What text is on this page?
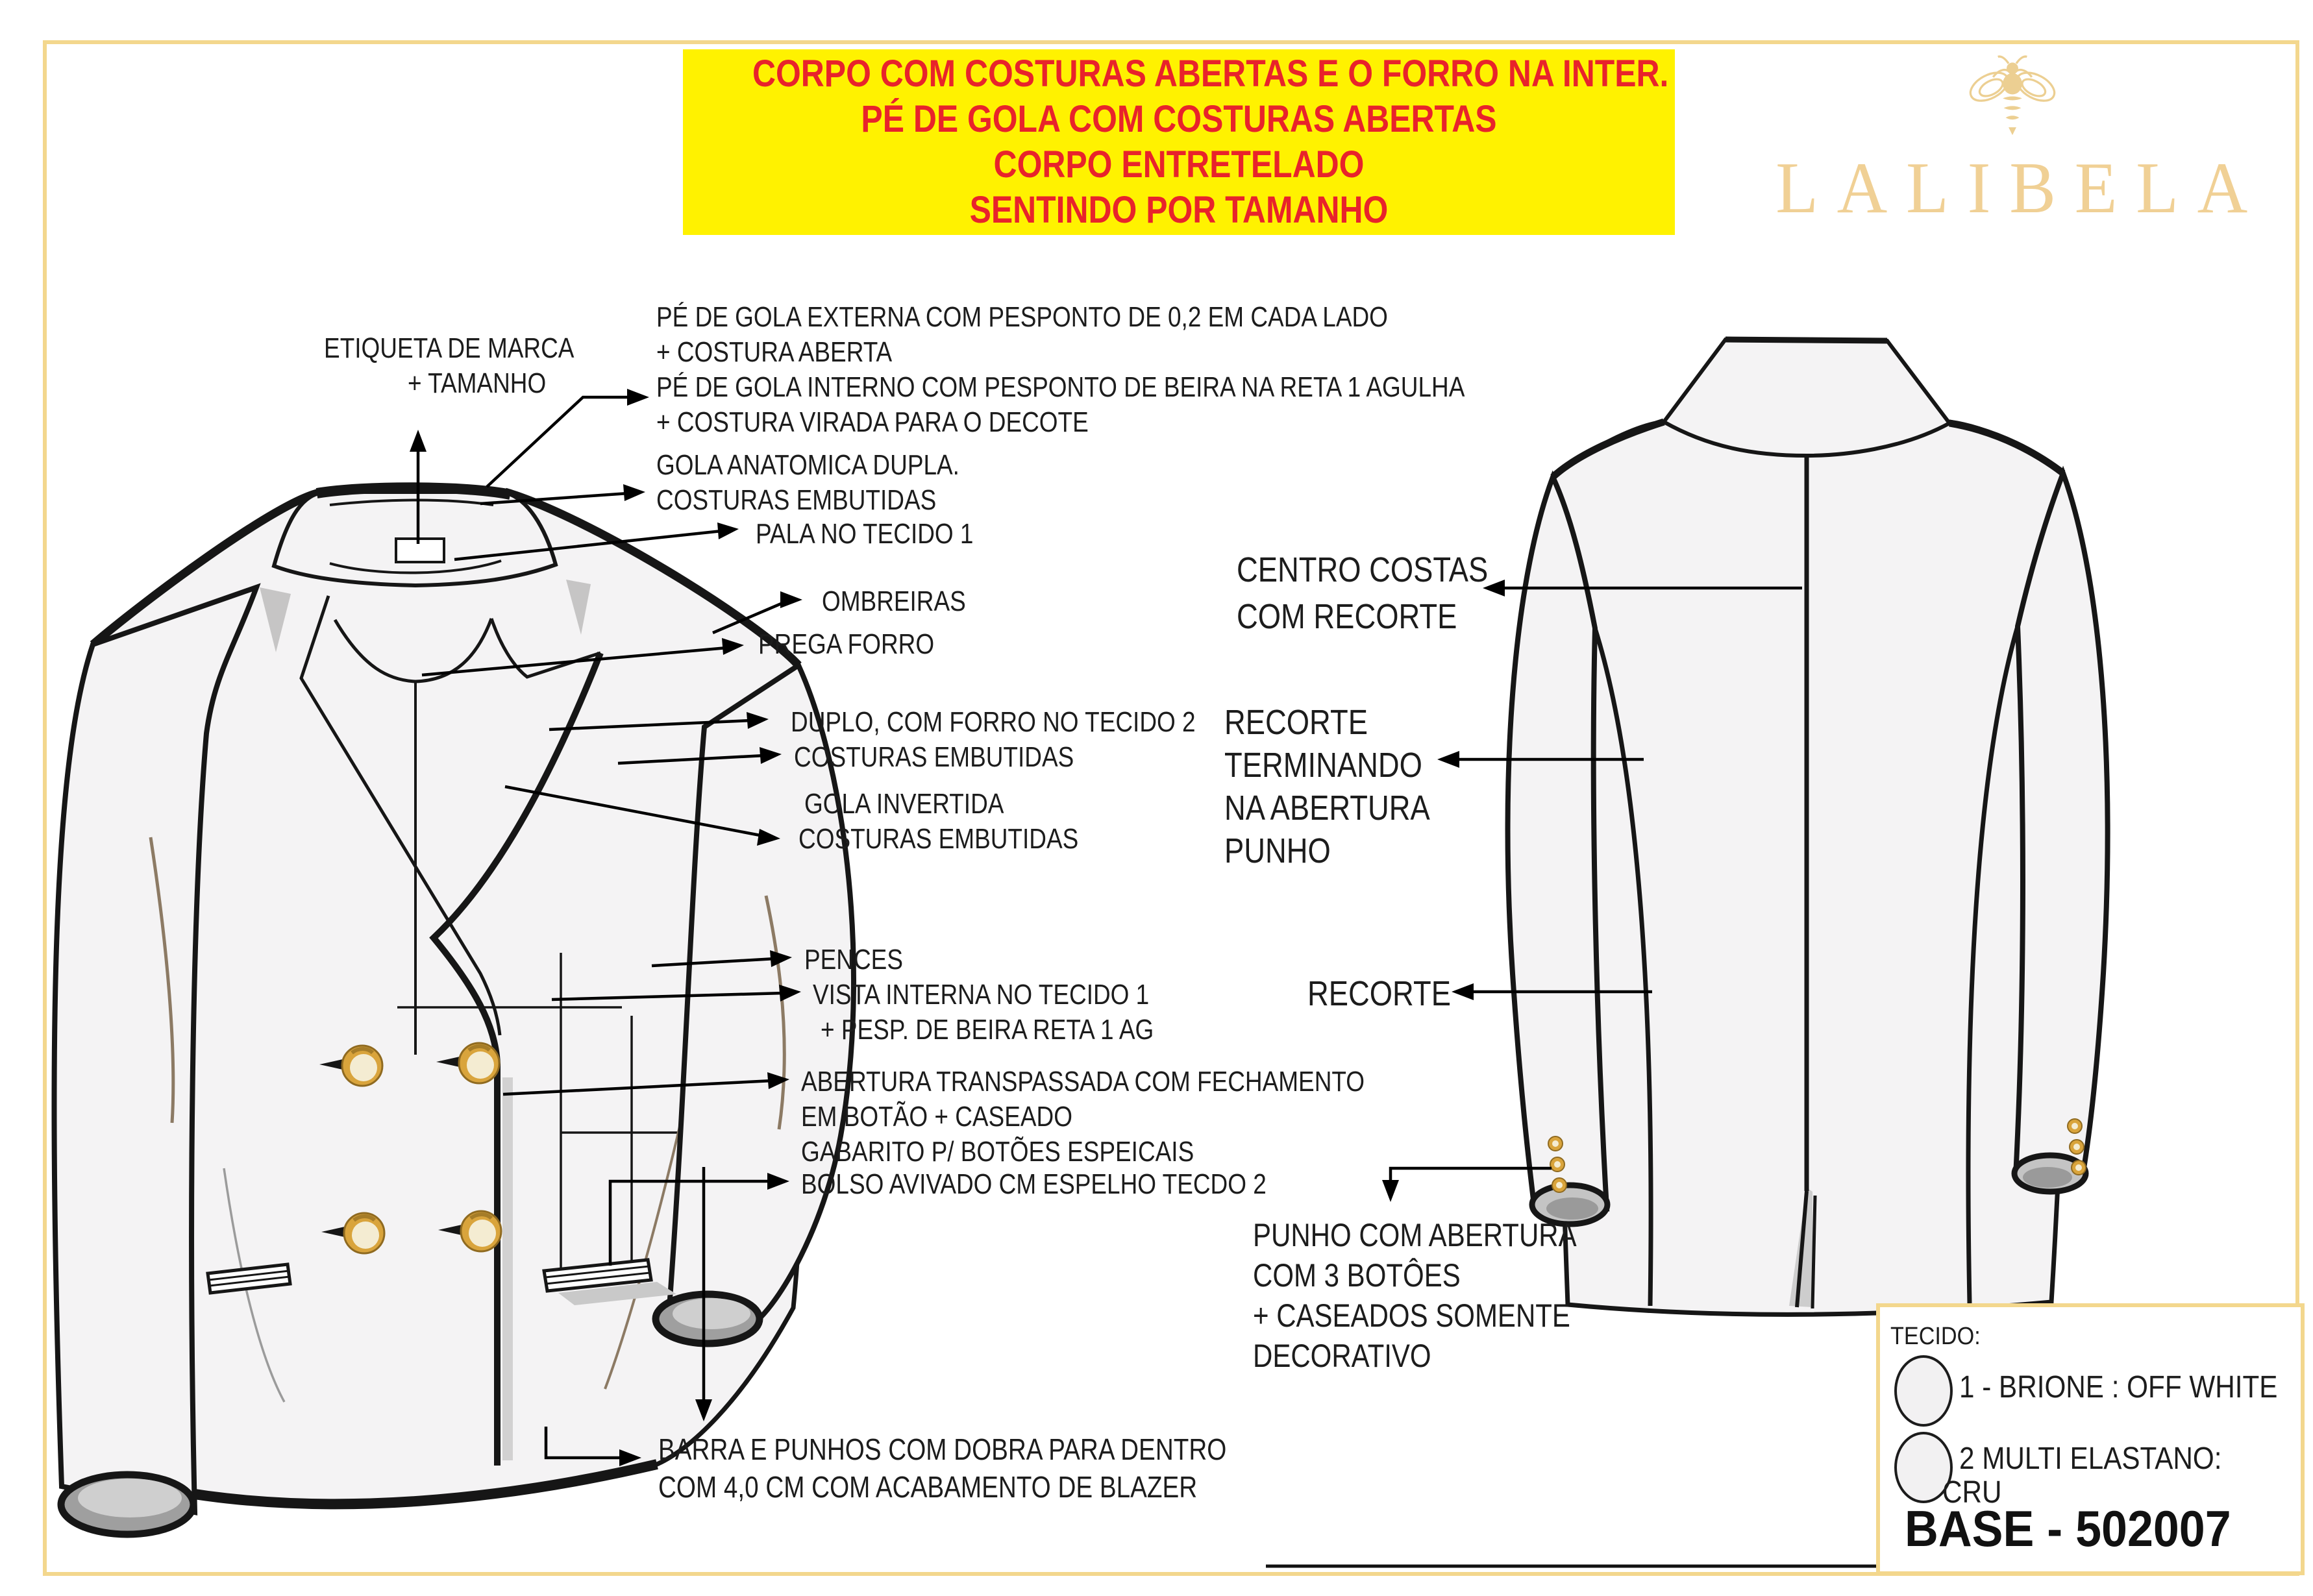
CORPO COM COSTURAS ABERTAS E O FORRO NA INTER.
PÉ DE GOLA COM COSTURAS ABERTAS
CORPO ENTRETELADO
SENTINDO POR TAMANHO	LALIBELA
ETIQUETA DE MARCA
+ TAMANHO
PÉ DE GOLA EXTERNA COM PESPONTO DE 0,2 EM CADA LADO
+ COSTURA ABERTA
PÉ DE GOLA INTERNO COM PESPONTO DE BEIRA NA RETA 1 AGULHA
+ COSTURA VIRADA PARA O DECOTE
GOLA ANATOMICA DUPLA.
COSTURAS EMBUTIDAS
PALA NO TECIDO 1
OMBREIRAS
PREGA FORRO
DUPLO, COM FORRO NO TECIDO 2
COSTURAS EMBUTIDAS
GOLA INVERTIDA
COSTURAS EMBUTIDAS
PENCES
VISTA INTERNA NO TECIDO 1
+ PESP. DE BEIRA RETA 1 AG
ABERTURA TRANSPASSADA COM FECHAMENTO
EM BOTÃO + CASEADO
GABARITO P/ BOTÕES ESPEICAIS
BOLSO AVIVADO CM ESPELHO TECDO 2
BARRA E PUNHOS COM DOBRA PARA DENTRO
COM 4,0 CM COM ACABAMENTO DE BLAZER
CENTRO COSTAS
COM RECORTE
RECORTE
TERMINANDO
NA ABERTURA
PUNHO
RECORTE
PUNHO COM ABERTURA
COM 3 BOTÔES
+ CASEADOS SOMENTE
DECORATIVO
TECIDO:
1 - BRIONE : OFF WHITE
2 MULTI ELASTANO:
CRU
BASE - 502007
